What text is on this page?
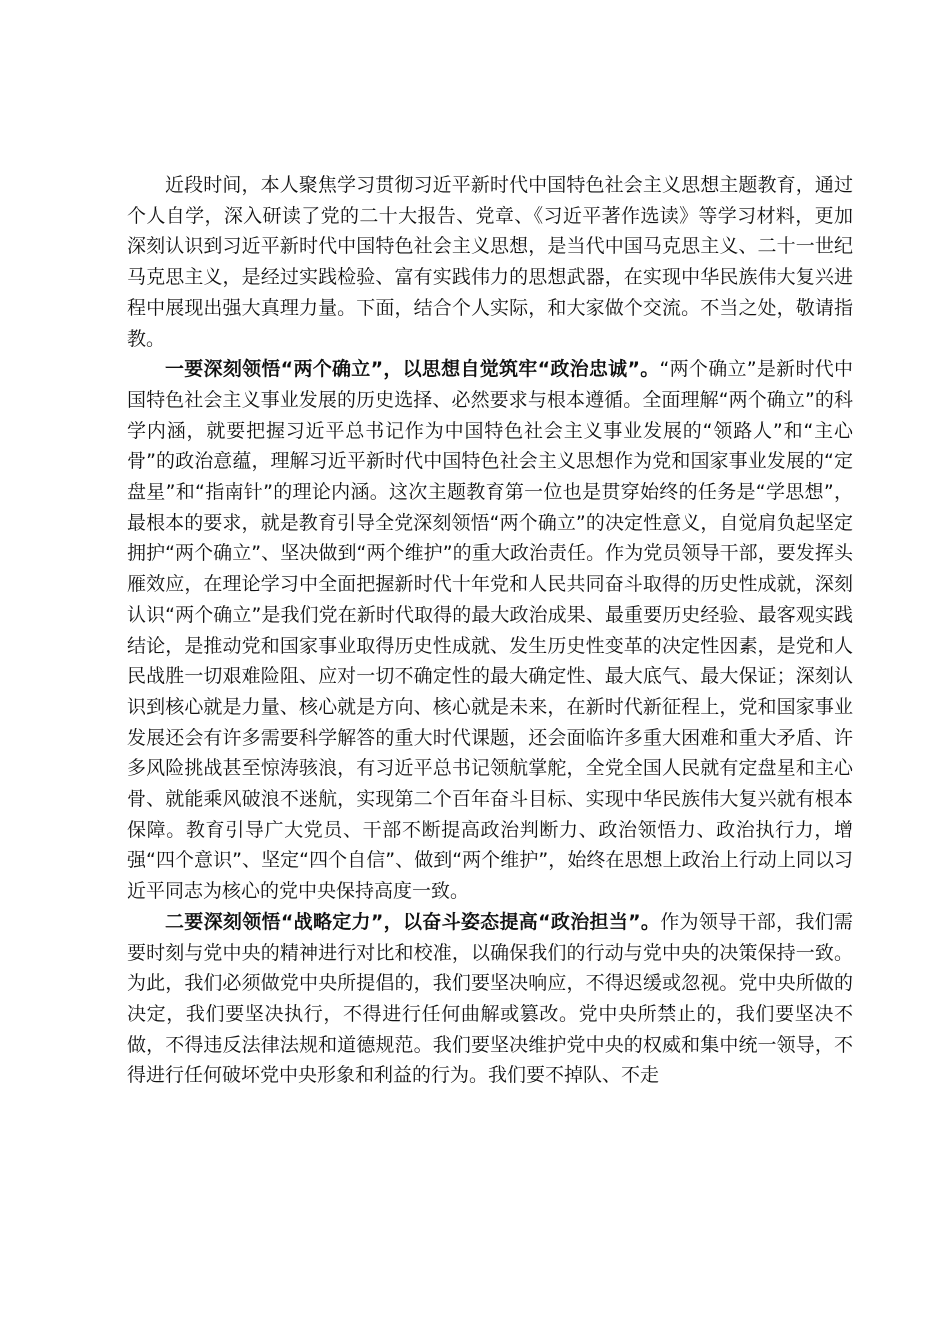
近段时间，本人聚焦学习贯彻习近平新时代中国特色社会主义思想主题教育，通过个人自学，深入研读了党的二十大报告、党章、《习近平著作选读》等学习材料，更加深刻认识到习近平新时代中国特色社会主义思想，是当代中国马克思主义、二十一世纪马克思主义，是经过实践检验、富有实践伟力的思想武器，在实现中华民族伟大复兴进程中展现出强大真理力量。下面，结合个人实际，和大家做个交流。不当之处，敬请指教。

一要深刻领悟“两个确立”，以思想自觉筑牢“政治忠诚”。“两个确立”是新时代中国特色社会主义事业发展的历史选择、必然要求与根本遵循。全面理解“两个确立”的科学内涵，就要把握习近平总书记作为中国特色社会主义事业发展的“领路人”和“主心骨”的政治意蕴，理解习近平新时代中国特色社会主义思想作为党和国家事业发展的“定盘星”和“指南针”的理论内涵。这次主题教育第一位也是贯穿始终的任务是“学思想”，最根本的要求，就是教育引导全党深刻领悟“两个确立”的决定性意义，自觉肩负起坚定拥护“两个确立”、坚决做到“两个维护”的重大政治责任。作为党员领导干部，要发挥头雁效应，在理论学习中全面把握新时代十年党和人民共同奋斗取得的历史性成就，深刻认识“两个确立”是我们党在新时代取得的最大政治成果、最重要历史经验、最客观实践结论，是推动党和国家事业取得历史性成就、发生历史性变革的决定性因素，是党和人民战胜一切艰难险阻、应对一切不确定性的最大确定性、最大底气、最大保证；深刻认识到核心就是力量、核心就是方向、核心就是未来，在新时代新征程上，党和国家事业发展还会有许多需要科学解答的重大时代课题，还会面临许多重大困难和重大矛盾、许多风险挑战甚至惊涛骇浪，有习近平总书记领航掌舵，全党全国人民就有定盘星和主心骨、就能乘风破浪不迷航，实现第二个百年奋斗目标、实现中华民族伟大复兴就有根本保障。教育引导广大党员、干部不断提高政治判断力、政治领悟力、政治执行力，增强“四个意识”、坚定“四个自信”、做到“两个维护”，始终在思想上政治上行动上同以习近平同志为核心的党中央保持高度一致。

二要深刻领悟“战略定力”，以奋斗姿态提高“政治担当”。作为领导干部，我们需要时刻与党中央的精神进行对比和校准，以确保我们的行动与党中央的决策保持一致。为此，我们必须做党中央所提倡的，我们要坚决响应，不得迟缓或忽视。党中央所做的决定，我们要坚决执行，不得进行任何曲解或篡改。党中央所禁止的，我们要坚决不做，不得违反法律法规和道德规范。我们要坚决维护党中央的权威和集中统一领导，不得进行任何破坏党中央形象和利益的行为。我们要不掉队、不走
